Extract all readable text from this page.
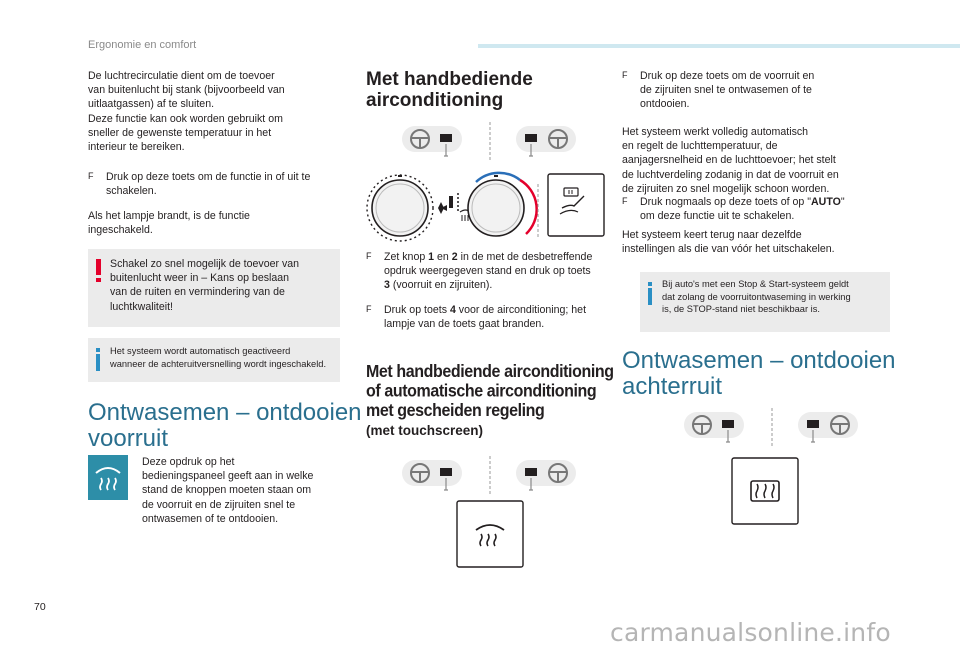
Ergonomie en comfort
De luchtrecirculatie dient om de toevoer
van buitenlucht bij stank (bijvoorbeeld van
uitlaatgassen) af te sluiten.
Deze functie kan ook worden gebruikt om
sneller de gewenste temperatuur in het
interieur te bereiken.
F Druk op deze toets om de functie in of uit te
schakelen.
Als het lampje brandt, is de functie
ingeschakeld.
Schakel zo snel mogelijk de toevoer van
buitenlucht weer in – Kans op beslaan
van de ruiten en vermindering van de
luchtkwaliteit!
Het systeem wordt automatisch geactiveerd
wanneer de achteruitversnelling wordt ingeschakeld.
Ontwasemen – ontdooien
voorruit
Deze opdruk op het
bedieningspaneel geeft aan in welke
stand de knoppen moeten staan om
de voorruit en de zijruiten snel te
ontwasemen of te ontdooien.
Met handbediende
airconditioning
F Zet knop 1 en 2 in de met de desbetreffende
opdruk weergegeven stand en druk op toets
3 (voorruit en zijruiten).
F Druk op toets 4 voor de airconditioning; het
lampje van de toets gaat branden.
Met handbediende airconditioning
of automatische airconditioning
met gescheiden regeling
(met touchscreen)
F Druk op deze toets om de voorruit en
de zijruiten snel te ontwasemen of te
ontdooien.
Het systeem werkt volledig automatisch
en regelt de luchttemperatuur, de
aanjagersnelheid en de luchttoevoer; het stelt
de luchtverdeling zodanig in dat de voorruit en
de zijruiten zo snel mogelijk schoon worden.
F Druk nogmaals op deze toets of op "AUTO"
om deze functie uit te schakelen.
Het systeem keert terug naar dezelfde
instellingen als die van vóór het uitschakelen.
Bij auto's met een Stop & Start-systeem geldt
dat zolang de voorruitontwaseming in werking
is, de STOP-stand niet beschikbaar is.
Ontwasemen – ontdooien
achterruit
70
carmanualsonline.info
